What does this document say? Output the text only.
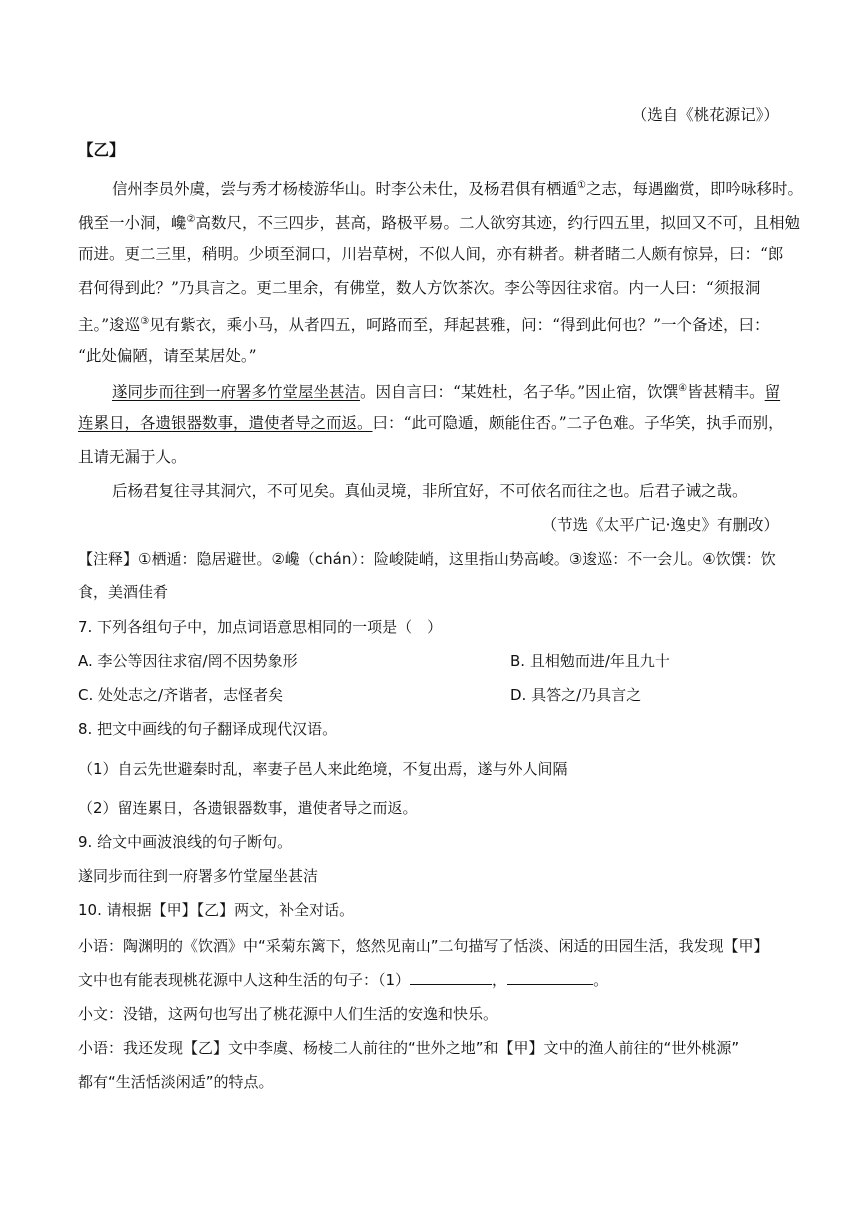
（选自《桃花源记》）
【乙】
信州李员外虞，尝与秀才杨棱游华山。时李公未仕，及杨君俱有栖遁①之志，每遇幽赏，即吟咏移时。
俄至一小洞，巉②高数尺，不三四步，甚高，路极平易。二人欲穷其迹，约行四五里，拟回又不可，且相勉
而进。更二三里，稍明。少顷至洞口，川岩草树，不似人间，亦有耕者。耕者睹二人颇有惊异，曰：“郎
君何得到此？”乃具言之。更二里余，有佛堂，数人方饮茶次。李公等因往求宿。内一人曰：“须报洞
主。”逡巡③见有紫衣，乘小马，从者四五，呵路而至，拜起甚雅，问：“得到此何也？”一个备述，曰：
“此处偏陋，请至某居处。”
遂同步而往到一府署多竹堂屋坐甚洁。因自言曰：“某姓杜，名子华。”因止宿，饮馔④皆甚精丰。留
连累日，各遗银器数事，遣使者导之而返。曰：“此可隐遁，颇能住否。”二子色难。子华笑，执手而别，
且请无漏于人。
后杨君复往寻其洞穴，不可见矣。真仙灵境，非所宜好，不可依名而往之也。后君子诫之哉。
（节选《太平广记·逸史》有删改）
【注释】①栖遁：隐居避世。②巉（chán）：险峻陡峭，这里指山势高峻。③逡巡：不一会儿。④饮馔：饮
食，美酒佳肴
7. 下列各组句子中，加点词语意思相同的一项是（　）
A. 李公等因往求宿/罔不因势象形	B. 且相勉而进/年且九十
C. 处处志之/齐谐者，志怪者矣	D. 具答之/乃具言之
8. 把文中画线的句子翻译成现代汉语。
（1）自云先世避秦时乱，率妻子邑人来此绝境，不复出焉，遂与外人间隔
（2）留连累日，各遗银器数事，遣使者导之而返。
9. 给文中画波浪线的句子断句。
遂同步而往到一府署多竹堂屋坐甚洁
10. 请根据【甲】【乙】两文，补全对话。
小语：陶渊明的《饮酒》中“采菊东篱下，悠然见南山”二句描写了恬淡、闲适的田园生活，我发现【甲】
文中也有能表现桃花源中人这种生活的句子：（1）	，	。
小文：没错，这两句也写出了桃花源中人们生活的安逸和快乐。
小语：我还发现【乙】文中李虞、杨棱二人前往的“世外之地”和【甲】文中的渔人前往的“世外桃源”
都有“生活恬淡闲适”的特点。
